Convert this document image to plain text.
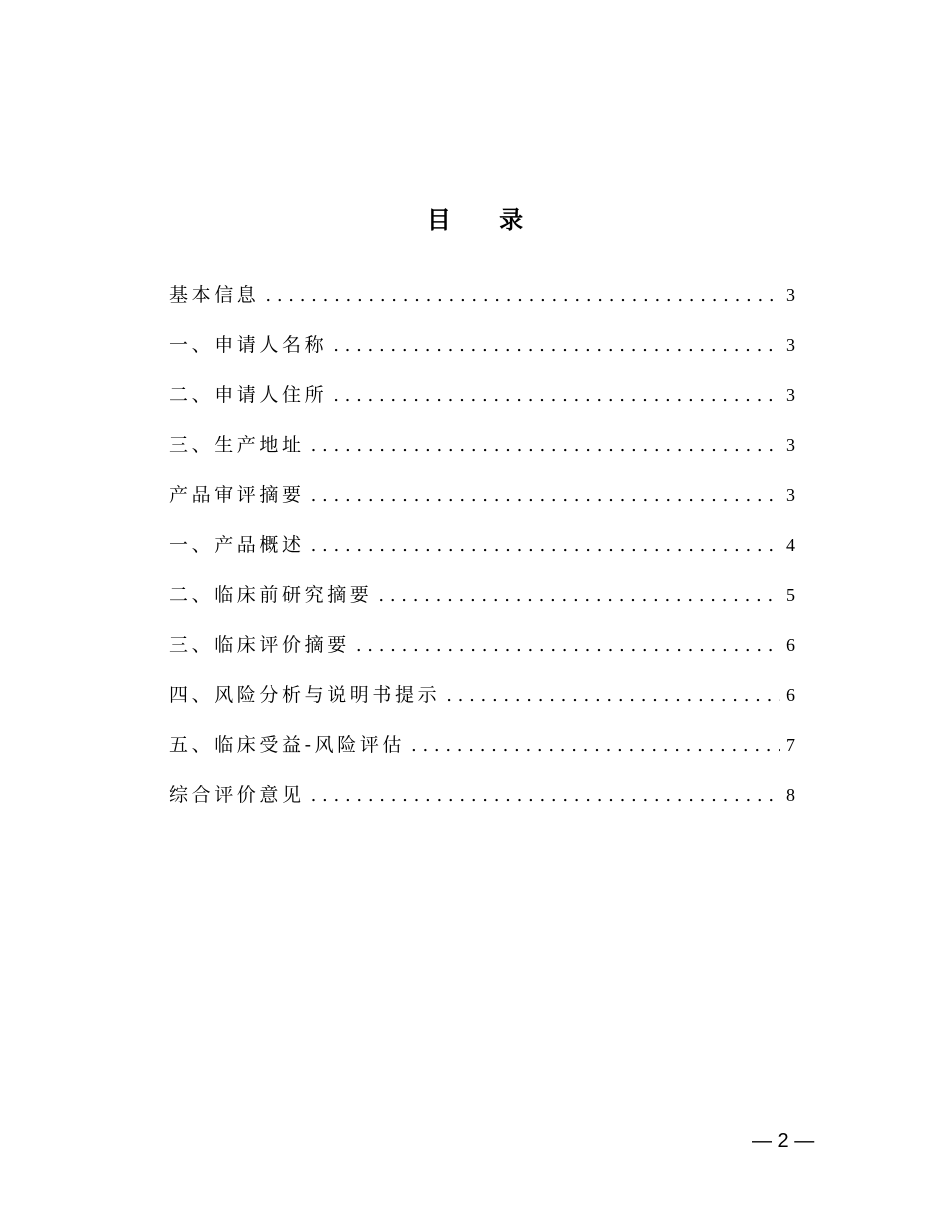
目 录
基本信息 . . .	3
一、申请人名称 . . .	3
二、申请人住所 . . .	3
三、生产地址 . . .	3
产品审评摘要 . . .	3
一、产品概述 . . .	4
二、临床前研究摘要 . . .	5
三、临床评价摘要 . . .	6
四、风险分析与说明书提示 . . .	6
五、临床受益-风险评估 . . .	7
综合评价意见 . . .	8
— 2 —
